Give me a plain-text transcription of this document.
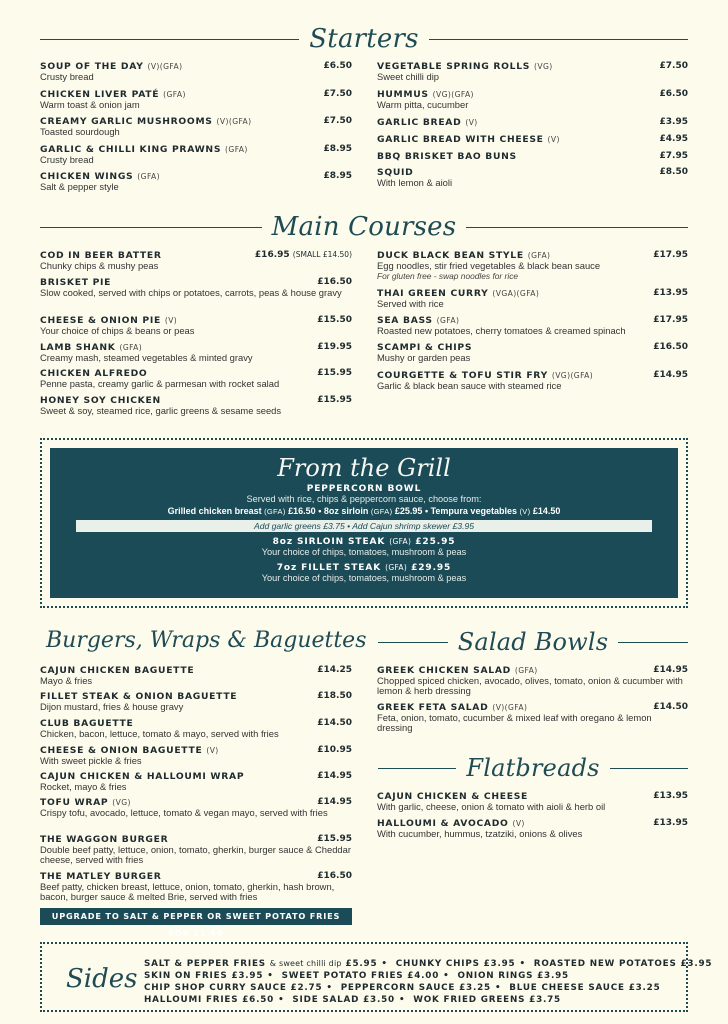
Starters
SOUP OF THE DAY (V)(GFA)	£6.50
Crusty bread
CHICKEN LIVER PATÉ (GFA)	£7.50
Warm toast & onion jam
CREAMY GARLIC MUSHROOMS (V)(GFA)	£7.50
Toasted sourdough
GARLIC & CHILLI KING PRAWNS (GFA)	£8.95
Crusty bread
CHICKEN WINGS (GFA)	£8.95
Salt & pepper style
VEGETABLE SPRING ROLLS (VG)	£7.50
Sweet chilli dip
HUMMUS (VG)(GFA)	£6.50
Warm pitta, cucumber
GARLIC BREAD (V)	£3.95
GARLIC BREAD WITH CHEESE (V)	£4.95
BBQ BRISKET BAO BUNS	£7.95
SQUID	£8.50
With lemon & aioli
Main Courses
COD IN BEER BATTER	£16.95 (SMALL £14.50)
Chunky chips & mushy peas
BRISKET PIE	£16.50
Slow cooked, served with chips or potatoes, carrots, peas & house gravy
CHEESE & ONION PIE (V)	£15.50
Your choice of chips & beans or peas
LAMB SHANK (GFA)	£19.95
Creamy mash, steamed vegetables & minted gravy
CHICKEN ALFREDO	£15.95
Penne pasta, creamy garlic & parmesan with rocket salad
HONEY SOY CHICKEN	£15.95
Sweet & soy, steamed rice, garlic greens & sesame seeds
DUCK BLACK BEAN STYLE (GFA)	£17.95
Egg noodles, stir fried vegetables & black bean sauce
For gluten free - swap noodles for rice
THAI GREEN CURRY (VGA)(GFA)	£13.95
Served with rice
SEA BASS (GFA)	£17.95
Roasted new potatoes, cherry tomatoes & creamed spinach
SCAMPI & CHIPS	£16.50
Mushy or garden peas
COURGETTE & TOFU STIR FRY (VG)(GFA)	£14.95
Garlic & black bean sauce with steamed rice
From the Grill
PEPPERCORN BOWL
Served with rice, chips & peppercorn sauce, choose from:
Grilled chicken breast (GFA) £16.50 • 8oz sirloin (GFA) £25.95 • Tempura vegetables (V) £14.50
Add garlic greens £3.75 • Add Cajun shrimp skewer £3.95
8oz SIRLOIN STEAK (GFA) £25.95
Your choice of chips, tomatoes, mushroom & peas
7oz FILLET STEAK (GFA) £29.95
Your choice of chips, tomatoes, mushroom & peas
Burgers, Wraps & Baguettes
CAJUN CHICKEN BAGUETTE	£14.25
Mayo & fries
FILLET STEAK & ONION BAGUETTE	£18.50
Dijon mustard, fries & house gravy
CLUB BAGUETTE	£14.50
Chicken, bacon, lettuce, tomato & mayo, served with fries
CHEESE & ONION BAGUETTE (V)	£10.95
With sweet pickle & fries
CAJUN CHICKEN & HALLOUMI WRAP	£14.95
Rocket, mayo & fries
TOFU WRAP (VG)	£14.95
Crispy tofu, avocado, lettuce, tomato & vegan mayo, served with fries
THE WAGGON BURGER	£15.95
Double beef patty, lettuce, onion, tomato, gherkin, burger sauce & Cheddar cheese, served with fries
THE MATLEY BURGER	£16.50
Beef patty, chicken breast, lettuce, onion, tomato, gherkin, hash brown, bacon, burger sauce & melted Brie, served with fries
UPGRADE TO SALT & PEPPER OR SWEET POTATO FRIES FOR £1.60
Salad Bowls
GREEK CHICKEN SALAD (GFA)	£14.95
Chopped spiced chicken, avocado, olives, tomato, onion & cucumber with lemon & herb dressing
GREEK FETA SALAD (V)(GFA)	£14.50
Feta, onion, tomato, cucumber & mixed leaf with oregano & lemon dressing
Flatbreads
CAJUN CHICKEN & CHEESE	£13.95
With garlic, cheese, onion & tomato with aioli & herb oil
HALLOUMI & AVOCADO (V)	£13.95
With cucumber, hummus, tzatziki, onions & olives
Sides SALT & PEPPER FRIES & sweet chilli dip £5.95 • CHUNKY CHIPS £3.95 • ROASTED NEW POTATOES £3.95
SKIN ON FRIES £3.95 • SWEET POTATO FRIES £4.00 • ONION RINGS £3.95
CHIP SHOP CURRY SAUCE £2.75 • PEPPERCORN SAUCE £3.25 • BLUE CHEESE SAUCE £3.25
HALLOUMI FRIES £6.50 • SIDE SALAD £3.50 • WOK FRIED GREENS £3.75
